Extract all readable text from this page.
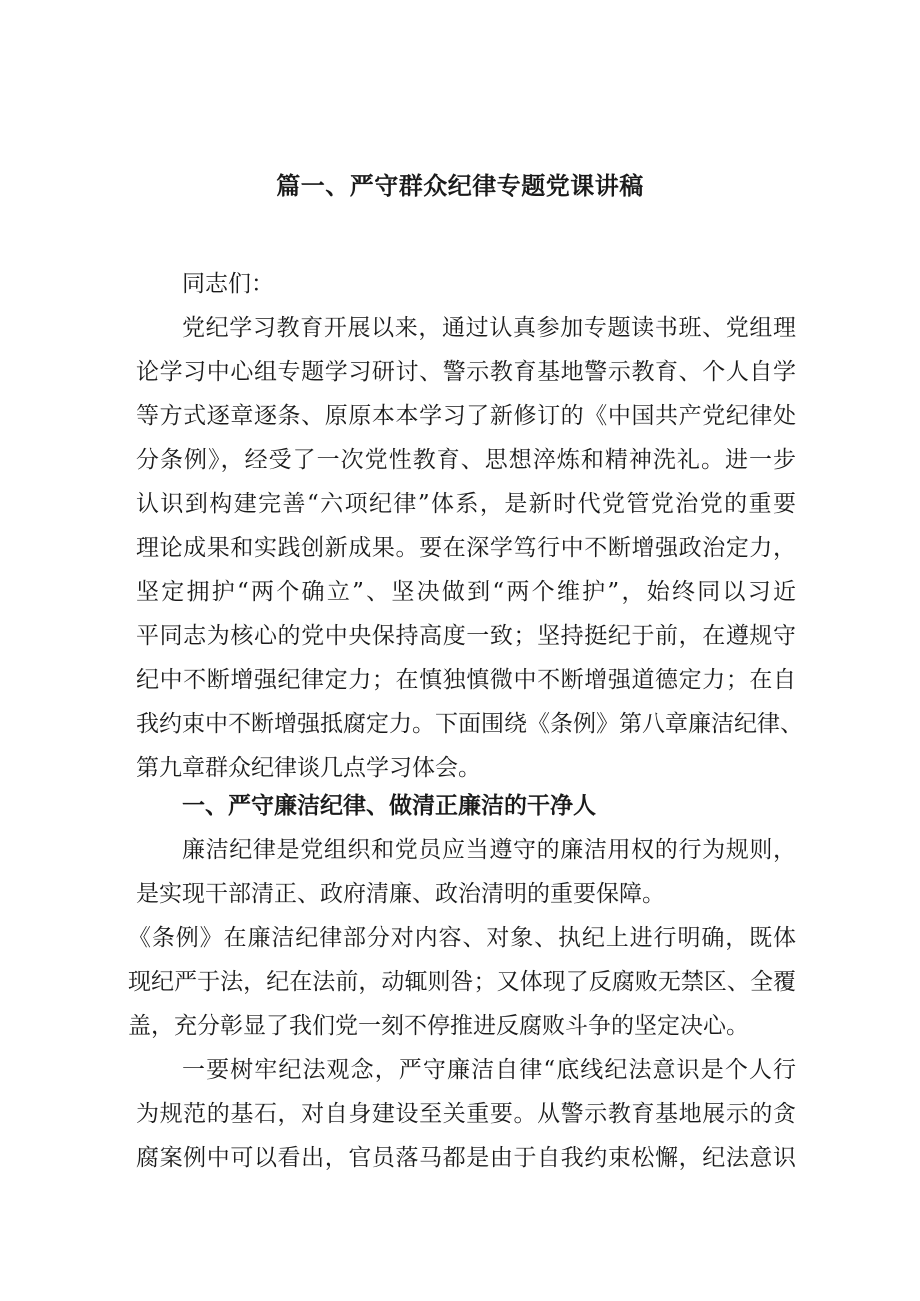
篇一、严守群众纪律专题党课讲稿
同志们：
党纪学习教育开展以来，通过认真参加专题读书班、党组理
论学习中心组专题学习研讨、警示教育基地警示教育、个人自学
等方式逐章逐条、原原本本学习了新修订的《中国共产党纪律处
分条例》，经受了一次党性教育、思想淬炼和精神洗礼。进一步
认识到构建完善“六项纪律”体系，是新时代党管党治党的重要
理论成果和实践创新成果。要在深学笃行中不断增强政治定力，
坚定拥护“两个确立”、坚决做到“两个维护”，始终同以习近
平同志为核心的党中央保持高度一致；坚持挺纪于前，在遵规守
纪中不断增强纪律定力；在慎独慎微中不断增强道德定力；在自
我约束中不断增强抵腐定力。下面围绕《条例》第八章廉洁纪律、
第九章群众纪律谈几点学习体会。
一、严守廉洁纪律、做清正廉洁的干净人
廉洁纪律是党组织和党员应当遵守的廉洁用权的行为规则，
是实现干部清正、政府清廉、政治清明的重要保障。
《条例》在廉洁纪律部分对内容、对象、执纪上进行明确，既体
现纪严于法，纪在法前，动辄则咎；又体现了反腐败无禁区、全覆
盖，充分彰显了我们党一刻不停推进反腐败斗争的坚定决心。
一要树牢纪法观念，严守廉洁自律“底线纪法意识是个人行
为规范的基石，对自身建设至关重要。从警示教育基地展示的贪
腐案例中可以看出，官员落马都是由于自我约束松懈，纪法意识
